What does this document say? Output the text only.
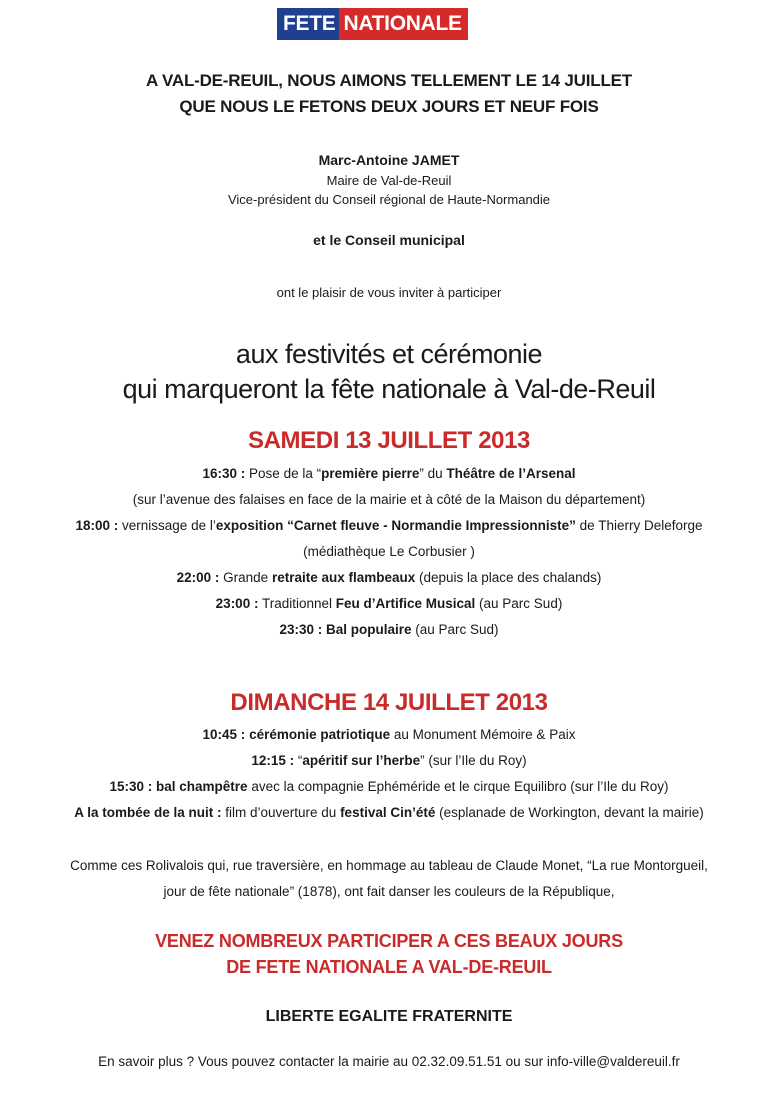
FETE NATIONALE
A VAL-DE-REUIL, NOUS AIMONS TELLEMENT LE 14 JUILLET
QUE NOUS LE FETONS DEUX JOURS ET NEUF FOIS
Marc-Antoine JAMET
Maire de Val-de-Reuil
Vice-président du Conseil régional de Haute-Normandie
et le Conseil municipal
ont le plaisir de vous inviter à participer
aux festivités et cérémonie
qui marqueront la fête nationale à Val-de-Reuil
SAMEDI 13 JUILLET 2013
16:30 : Pose de la “première pierre” du Théâtre de l’Arsenal
(sur l’avenue des falaises en face de la mairie et à côté de la Maison du département)
18:00 : vernissage de l’exposition “Carnet fleuve - Normandie Impressionniste” de Thierry Deleforge
(médiathèque Le Corbusier )
22:00 : Grande retraite aux flambeaux (depuis la place des chalands)
23:00 : Traditionnel Feu d’Artifice Musical (au Parc Sud)
23:30 : Bal populaire (au Parc Sud)
DIMANCHE 14 JUILLET 2013
10:45 : cérémonie patriotique au Monument Mémoire & Paix
12:15 : “apéritif sur l’herbe” (sur l’Ile du Roy)
15:30 : bal champêtre avec la compagnie Ephéméride et le cirque Equilibro (sur l’Ile du Roy)
A la tombée de la nuit : film d’ouverture du festival Cin’été (esplanade de Workington, devant la mairie)
Comme ces Rolivalois qui, rue traversière, en hommage au tableau de Claude Monet, “La rue Montorgueil,
jour de fête nationale” (1878), ont fait danser les couleurs de la République,
VENEZ NOMBREUX PARTICIPER A CES BEAUX JOURS
DE FETE NATIONALE A VAL-DE-REUIL
LIBERTE EGALITE FRATERNITE
En savoir plus ? Vous pouvez contacter la mairie au 02.32.09.51.51 ou sur info-ville@valdereuil.fr
